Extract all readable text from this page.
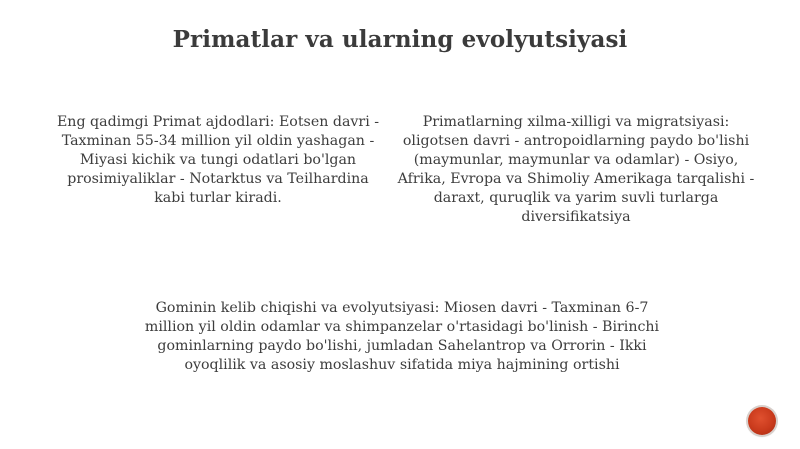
Primatlar va ularning evolyutsiyasi
Eng qadimgi Primat ajdodlari: Eotsen davri - Taxminan 55-34 million yil oldin yashagan - Miyasi kichik va tungi odatlari bo'lgan prosimiyaliklar - Notarktus va Teilhardina kabi turlar kiradi.
Primatlarning xilma-xilligi va migratsiyasi: oligotsen davri - antropoidlarning paydo bo'lishi (maymunlar, maymunlar va odamlar) - Osiyo, Afrika, Evropa va Shimoliy Amerikaga tarqalishi - daraxt, quruqlik va yarim suvli turlarga diversifikatsiya
Gominin kelib chiqishi va evolyutsiyasi: Miosen davri - Taxminan 6-7 million yil oldin odamlar va shimpanzelar o'rtasidagi bo'linish - Birinchi gominlarning paydo bo'lishi, jumladan Sahelantrop va Orrorin - Ikki oyoqlilik va asosiy moslashuv sifatida miya hajmining ortishi
